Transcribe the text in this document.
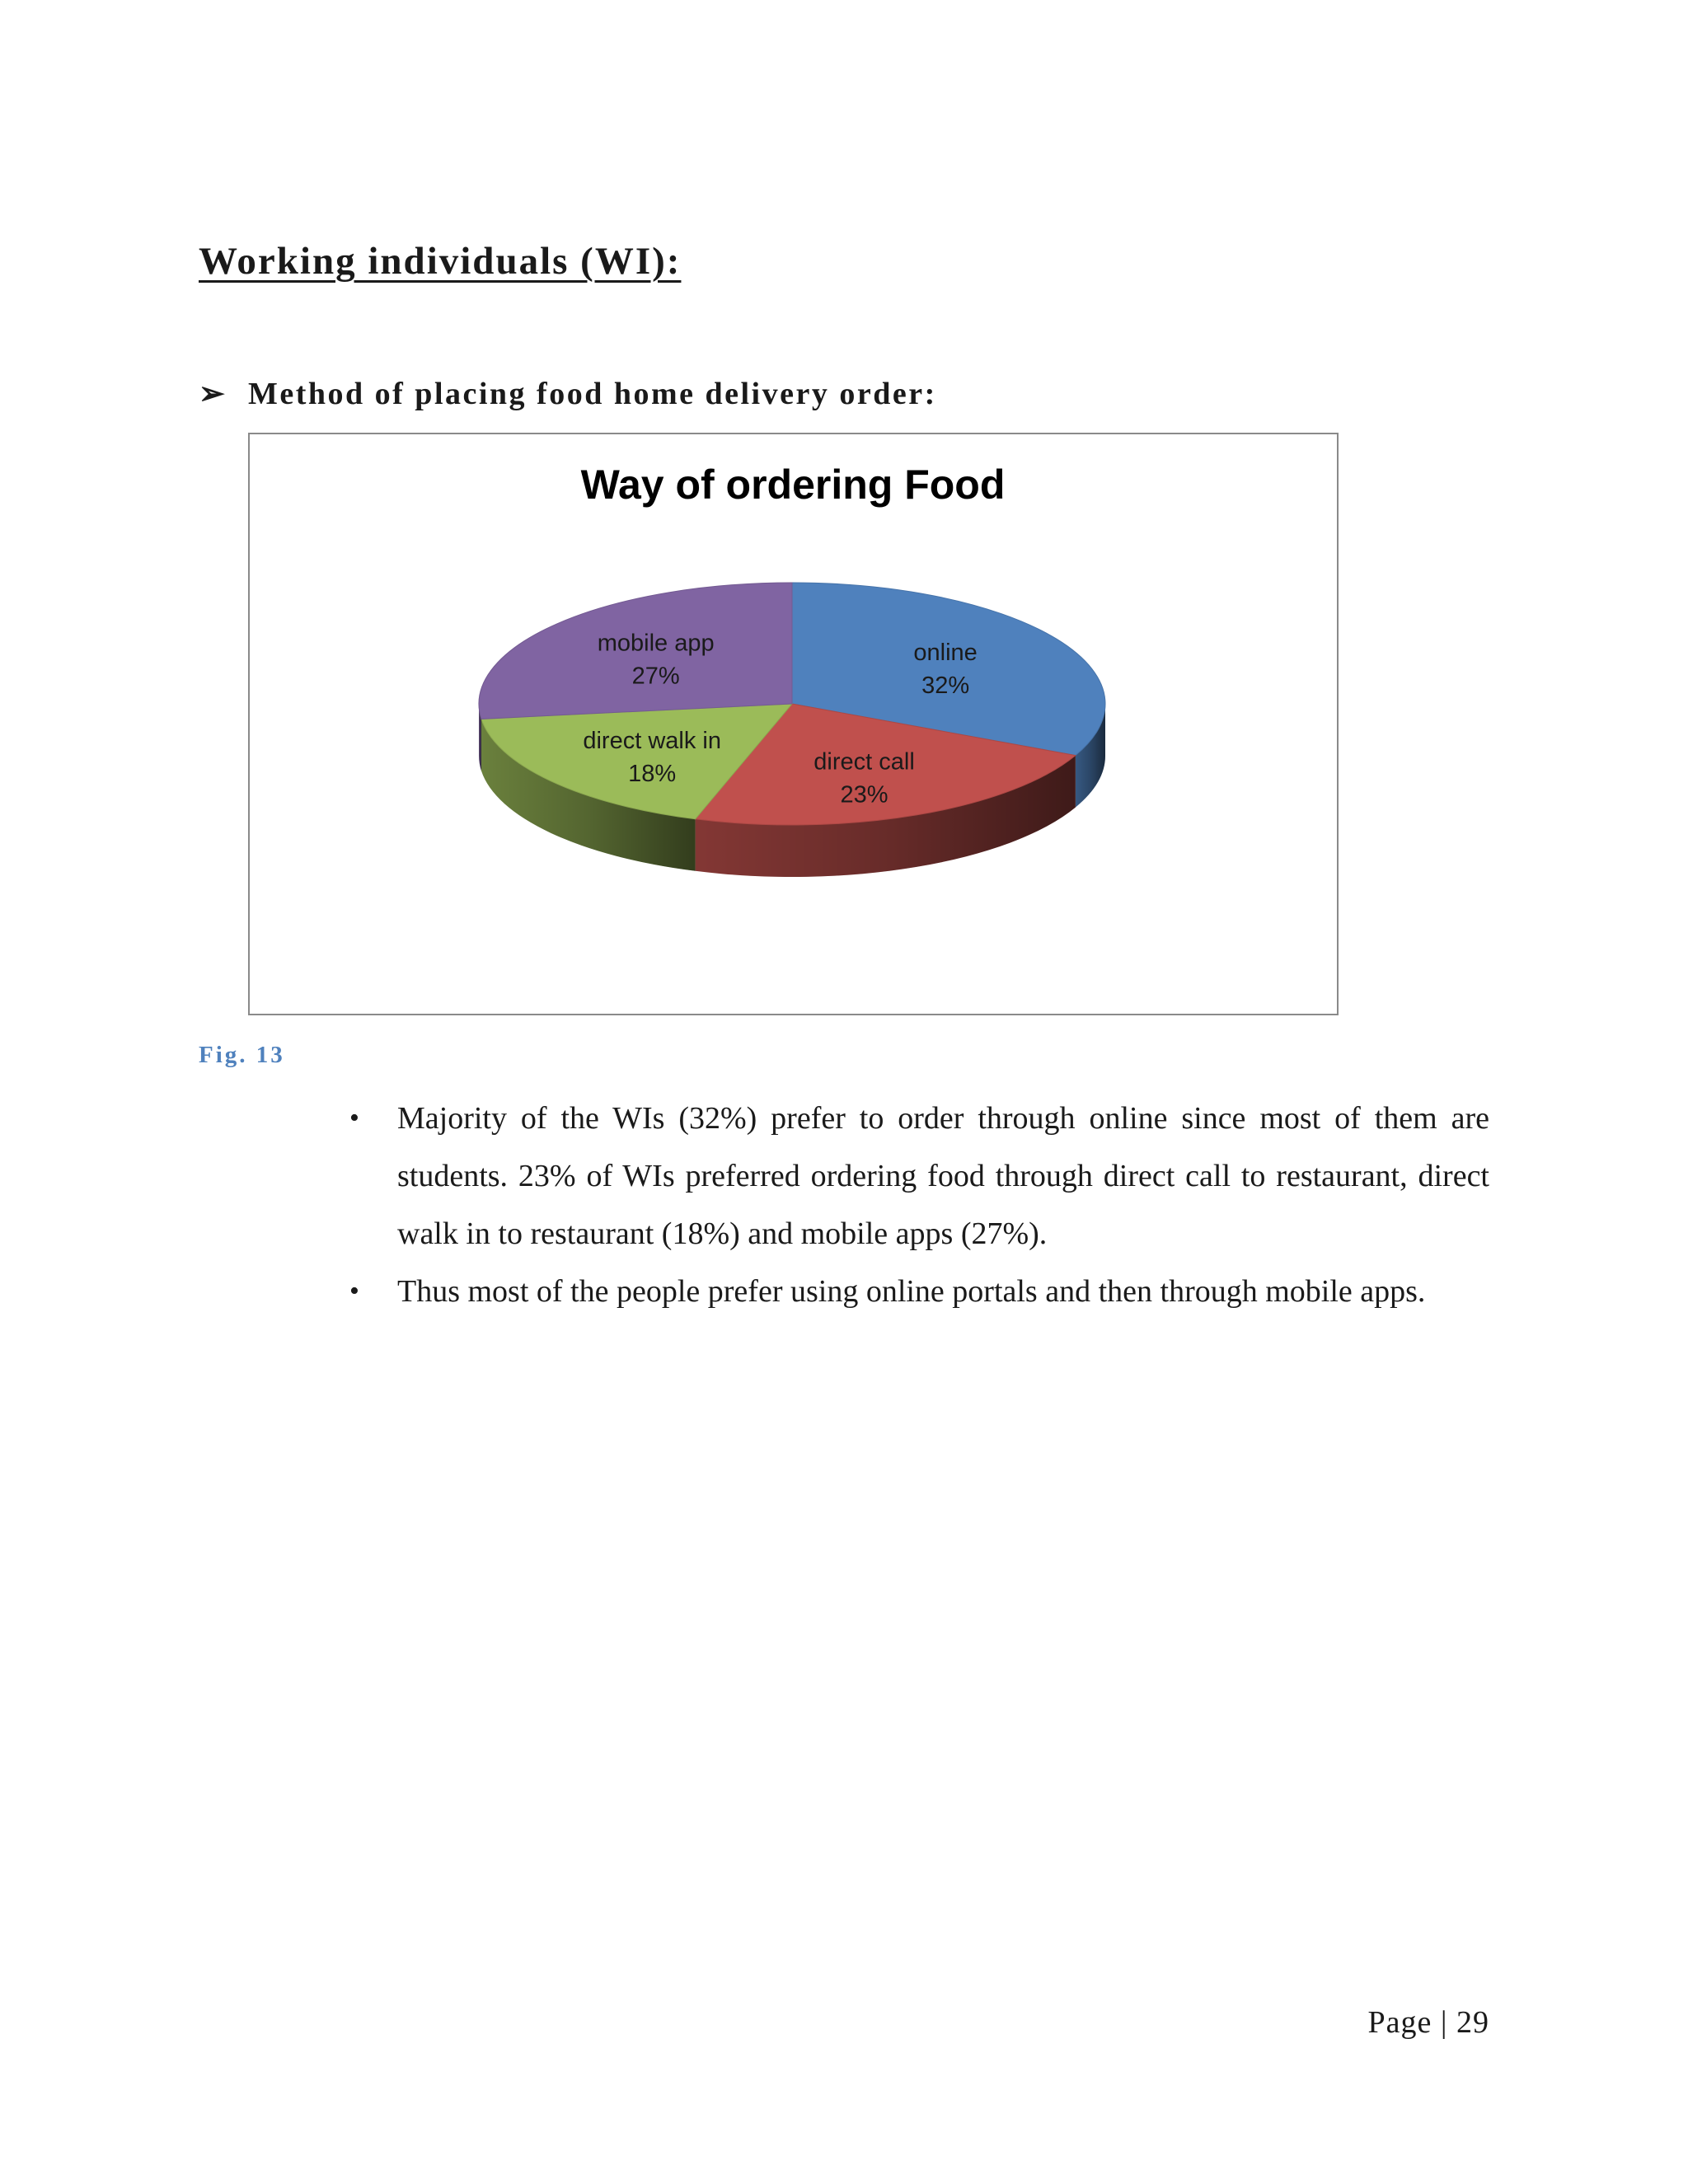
Working individuals (WI):
➢ Method of placing food home delivery order:
Way of ordering Food
online
32%
direct call
23%
direct walk in
18%
mobile app
27%
Fig. 13
• Majority of the WIs (32%) prefer to order through online since most of them are students. 23% of WIs preferred ordering food through direct call to restaurant, direct walk in to restaurant (18%) and mobile apps (27%).
• Thus most of the people prefer using online portals and then through mobile apps.
Page | 29
